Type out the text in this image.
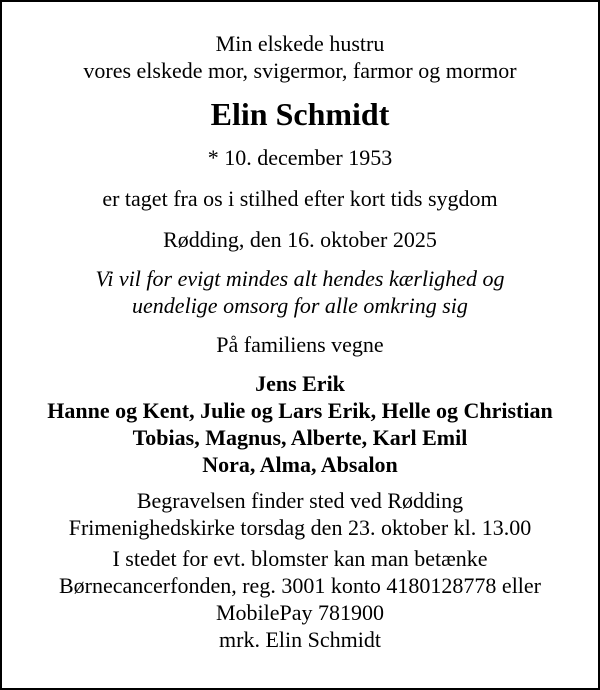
Min elskede hustru
vores elskede mor, svigermor, farmor og mormor
Elin Schmidt
* 10. december 1953
er taget fra os i stilhed efter kort tids sygdom
Rødding, den 16. oktober 2025
Vi vil for evigt mindes alt hendes kærlighed og
uendelige omsorg for alle omkring sig
På familiens vegne
Jens Erik
Hanne og Kent, Julie og Lars Erik, Helle og Christian
Tobias, Magnus, Alberte, Karl Emil
Nora, Alma, Absalon
Begravelsen finder sted ved Rødding
Frimenighedskirke torsdag den 23. oktober kl. 13.00
I stedet for evt. blomster kan man betænke
Børnecancerfonden, reg. 3001 konto 4180128778 eller
MobilePay 781900
mrk. Elin Schmidt
